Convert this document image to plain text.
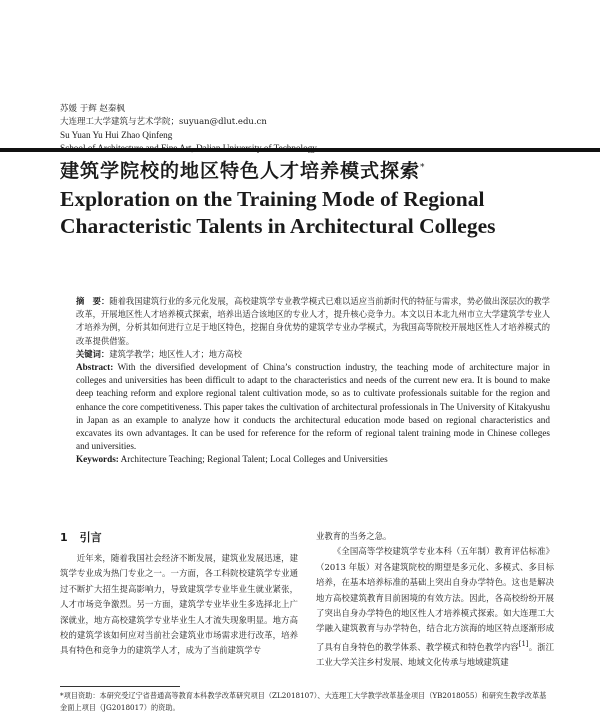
苏媛 于辉 赵秦枫
大连理工大学建筑与艺术学院；suyuan@dlut.edu.cn
Su Yuan Yu Hui Zhao Qinfeng
建筑学院校的地区特色人才培养模式探索*
Exploration on the Training Mode of Regional Characteristic Talents in Architectural Colleges

摘　要：随着我国建筑行业的多元化发展，高校建筑学专业教学模式已难以适应当前新时代的特征与需求，势必做出深层次的教学改革，开展地区性人才培养模式探索，培养出适合该地区的专业人才，提升核心竞争力。本文以日本北九州市立大学建筑学专业人才培养为例，分析其如何进行立足于地区特色，挖掘自身优势的建筑学专业办学模式，为我国高等院校开展地区性人才培养模式的改革提供借鉴。

关键词：建筑学教学；地区性人才；地方高校

Abstract: With the diversified development of China’s construction industry, the teaching mode of architecture major in colleges and universities has been difficult to adapt to the characteristics and needs of the current new era. It is bound to make deep teaching reform and explore regional talent cultivation mode, so as to cultivate professionals suitable for the region and enhance the core competitiveness. This paper takes the cultivation of architectural professionals in The University of Kitakyushu in Japan as an example to analyze how it conducts the architectural education mode based on regional characteristics and excavates its own advantages. It can be used for reference for the reform of regional talent training mode in Chinese colleges and universities.

Keywords: Architecture Teaching; Regional Talent; Local Colleges and Universities

1 引言

近年来，随着我国社会经济不断发展，建筑业发展迅速，建筑学专业成为热门专业之一。一方面，各工科院校建筑学专业通过不断扩大招生提高影响力，导致建筑学专业毕业生就业紧张，人才市场竞争激烈。另一方面，建筑学专业毕业生多选择北上广深就业，地方高校建筑学专业毕业生人才流失现象明显。地方高校的建筑学该如何应对当前社会建筑业市场需求进行改革，培养具有特色和竞争力的建筑学人才，成为了当前建筑学专

业教育的当务之急。

《全国高等学校建筑学专业本科（五年制）教育评估标准》（2013 年版）对各建筑院校的期望是多元化、多模式、多目标培养，在基本培养标准的基础上突出自身办学特色。这也是解决地方高校建筑教育目前困境的有效方法。因此，各高校纷纷开展了突出自身办学特色的地区性人才培养模式探索。如大连理工大学融入建筑教育与办学特色，结合北方滨海的地区特点逐渐形成了具有自身特色的教学体系、教学模式和特色教学内容[1]。浙江工业大学关注乡村发展、地域文化传承与地域建筑建

*项目资助：本研究受辽宁省普通高等教育本科教学改革研究项目（ZL2018107）、大连理工大学教学改革基金项目（YB2018055）和研究生教学改革基金面上项目（JG2018017）的资助。
